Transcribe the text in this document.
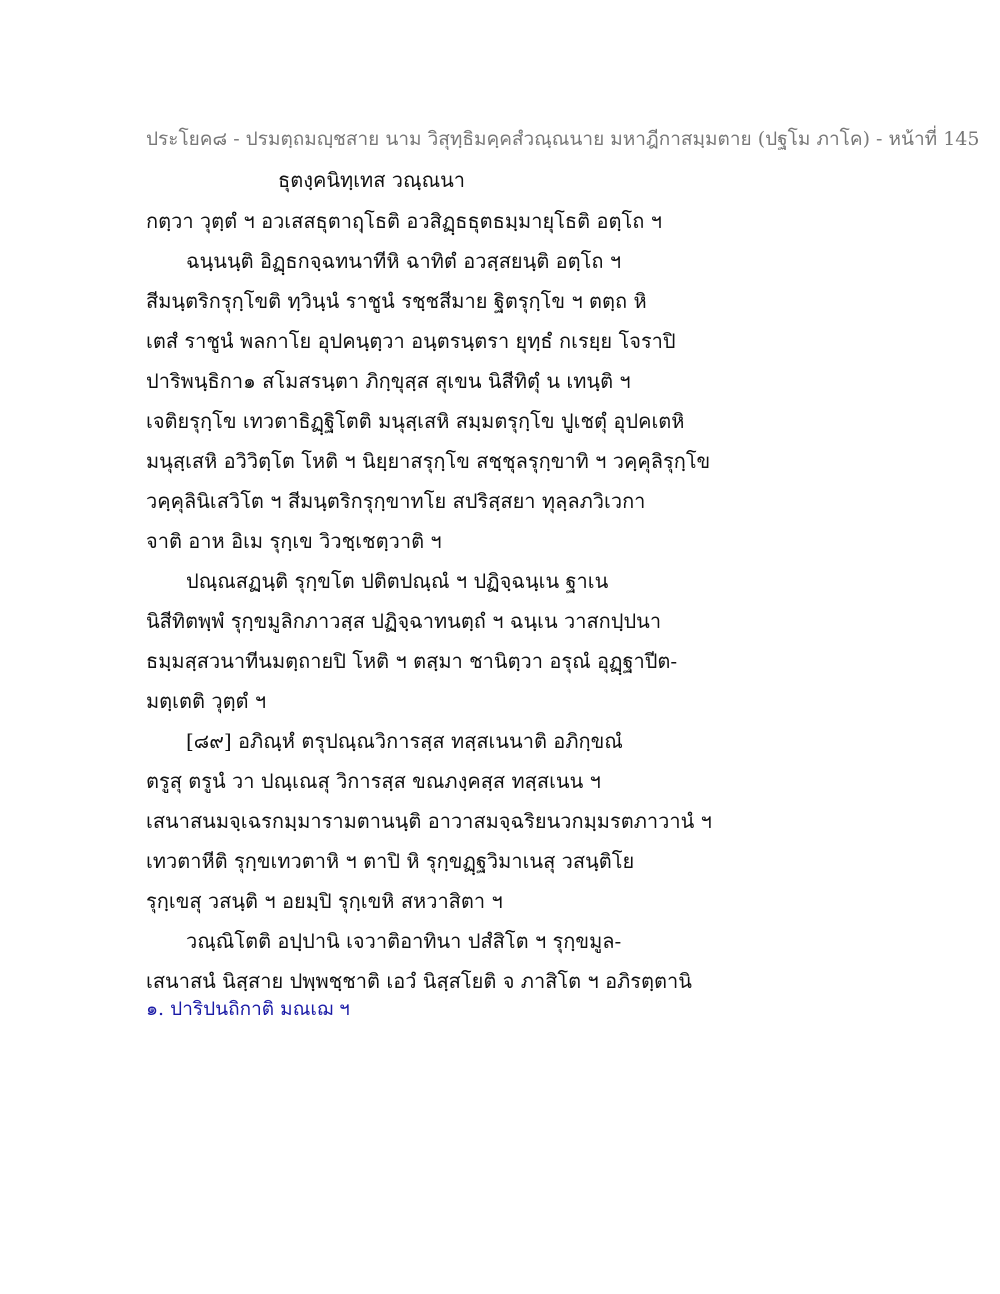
ประโยค๘ - ปรมตฺถมญฺชสาย นาม วิสุทฺธิมคฺคสํวณฺณนาย มหาฎีกาสมฺมตาย (ปฐโม ภาโค) - หน้าที่ 145
ธุตงฺคนิทฺเทส วณฺณนา
กตฺวา วุตฺตํ ฯ อวเสสธุตาฤุโธติ อวสิฏฺธธุตธมฺมายุโธติ อตฺโถ ฯ
ฉนฺนนฺติ อิฏฺธกจฺฉทนาทีหิ ฉาทิตํ อวสฺสยนฺติ อตฺโถ ฯ
สีมนฺตริกรุกฺโขติ ทฺวินฺนํ ราชูนํ รชฺชสีมาย ฐิตรุกฺโข ฯ ตตฺถ หิ
เตสํ ราชูนํ พลกาโย อุปคนฺตฺวา อนฺตรนฺตรา ยุทฺธํ กเรยฺย โจราปิ
ปาริพนฺธิกา๑ สโมสรนฺตา ภิกฺขุสฺส สุเขน นิสีทิตุํ น เทนฺติ ฯ
เจติยรุกฺโข เทวตาธิฏฺฐิโตติ มนุสฺเสหิ สมฺมตรุกฺโข ปูเชตุํ อุปคเตหิ
มนุสฺเสหิ อวิวิตฺโต โหติ ฯ นิยฺยาสรุกฺโข สชฺชุลรุกฺขาทิ ฯ วคฺคุลิรุกฺโข
วคฺคุลินิเสวิโต ฯ สีมนฺตริกรุกฺขาทโย สปริสฺสยา ทุลฺลภวิเวกา
จาติ อาห อิเม รุกฺเข วิวชฺเชตฺวาติ ฯ
ปณฺณสฏนฺติ รุกฺขโต ปติตปณฺณํ ฯ ปฏิจฺฉนฺเน ฐาเน
นิสีทิตพฺพํ รุกฺขมูลิกภาวสฺส ปฏิจฺฉาทนตฺถํ ฯ ฉนฺเน วาสกปฺปนา
ธมฺมสฺสวนาทีนมตฺถายปิ โหติ ฯ ตสฺมา ชานิตฺวา อรุณํ อุฏฺฐาปีต-
มตฺเตติ วุตฺตํ ฯ
[๘๙] อภิณฺหํ ตรุปณฺณวิการสฺส ทสฺสเนนาติ อภิกฺขณํ
ตรูสุ ตรูนํ วา ปณฺเณสุ วิการสฺส ขณภงฺคสฺส ทสฺสเนน ฯ
เสนาสนมจฺเฉรกมฺมารามตานนฺติ อาวาสมจฺฉริยนวกมฺมรตภาวานํ ฯ
เทวตาหีติ รุกฺขเทวตาหิ ฯ ตาปิ หิ รุกฺขฏฺฐวิมาเนสุ วสนฺติโย
รุกฺเขสุ วสนฺติ ฯ อยมฺปิ รุกฺเขหิ สหวาสิตา ฯ
วณฺณิโตติ อปฺปานิ เจวาติอาทินา ปสํสิโต ฯ รุกฺขมูล-
เสนาสนํ นิสฺสาย ปพฺพชฺชาติ เอวํ นิสฺสโยติ จ ภาสิโต ฯ อภิรตฺตานิ
๑. ปาริปนถิกาติ มณเฌ ฯ
